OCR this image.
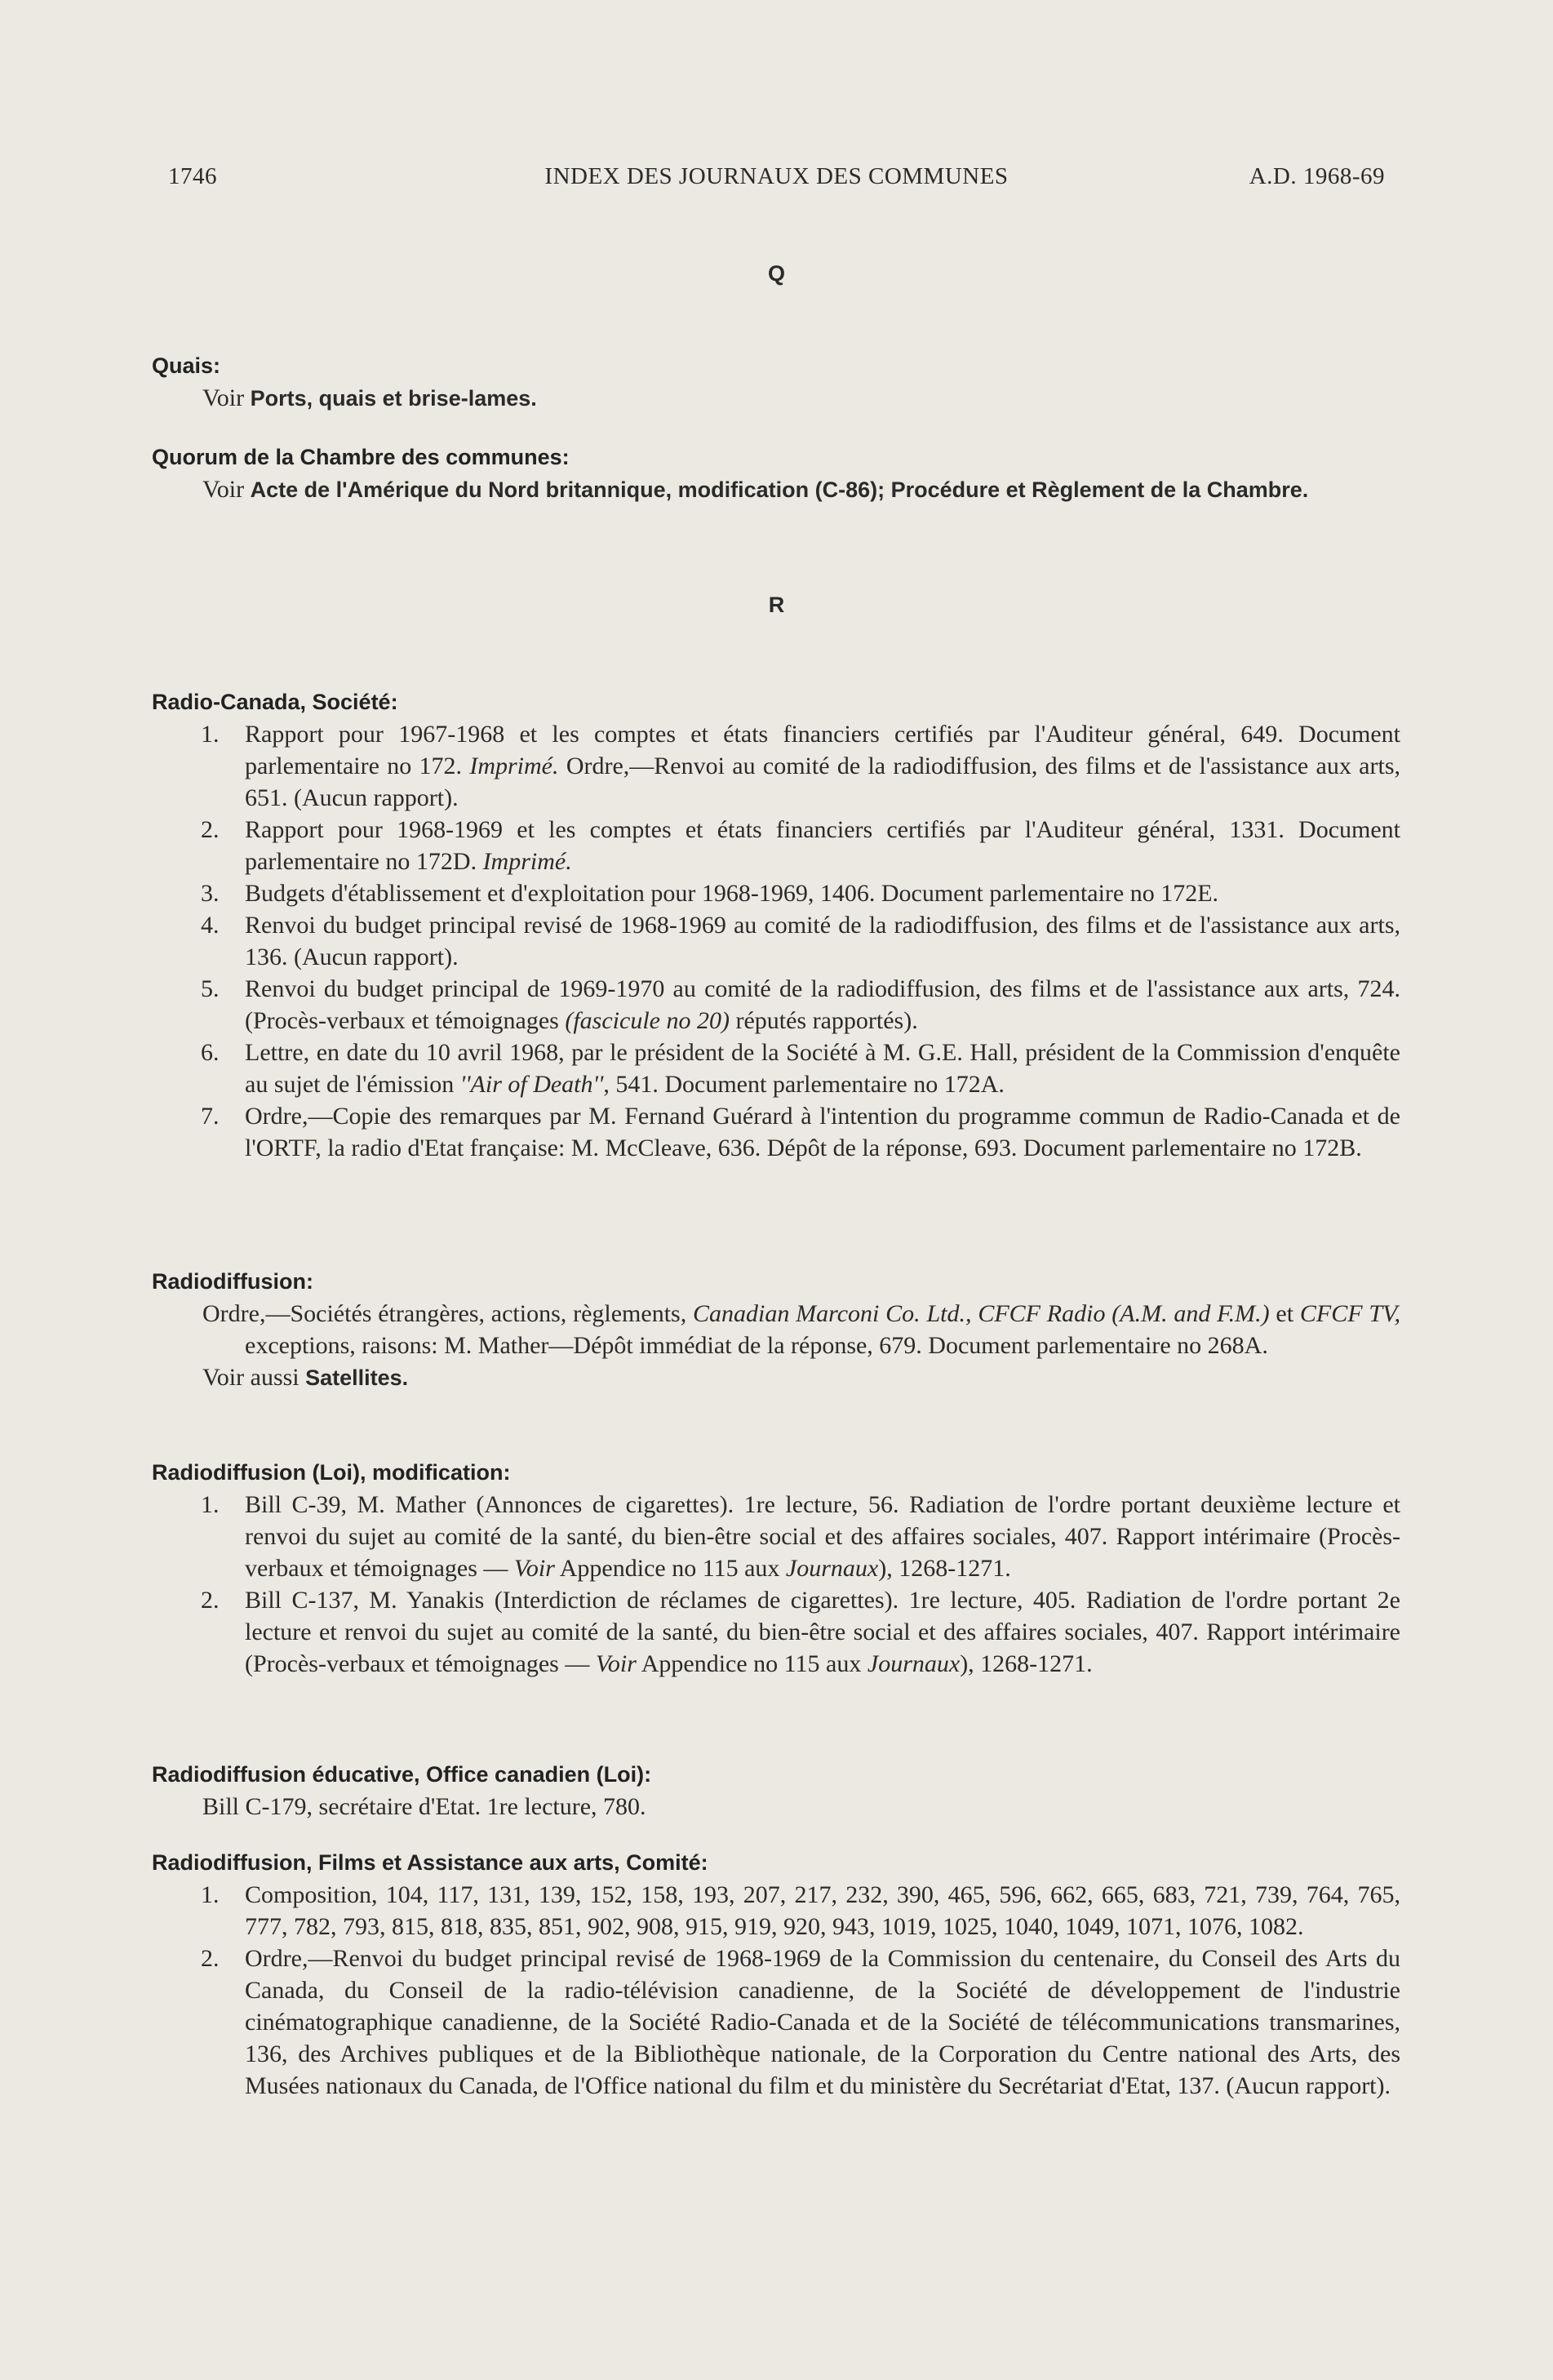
1746	INDEX DES JOURNAUX DES COMMUNES	A.D. 1968-69
Q
Quais:
Voir Ports, quais et brise-lames.
Quorum de la Chambre des communes:
Voir Acte de l'Amérique du Nord britannique, modification (C-86); Procédure et Règlement de la Chambre.
R
Radio-Canada, Société:
1. Rapport pour 1967-1968 et les comptes et états financiers certifiés par l'Auditeur général, 649. Document parlementaire no 172. Imprimé. Ordre,—Renvoi au comité de la radiodiffusion, des films et de l'assistance aux arts, 651. (Aucun rapport).
2. Rapport pour 1968-1969 et les comptes et états financiers certifiés par l'Auditeur général, 1331. Document parlementaire no 172D. Imprimé.
3. Budgets d'établissement et d'exploitation pour 1968-1969, 1406. Document parlementaire no 172E.
4. Renvoi du budget principal revisé de 1968-1969 au comité de la radiodiffusion, des films et de l'assistance aux arts, 136. (Aucun rapport).
5. Renvoi du budget principal de 1969-1970 au comité de la radiodiffusion, des films et de l'assistance aux arts, 724. (Procès-verbaux et témoignages (fascicule no 20) réputés rapportés).
6. Lettre, en date du 10 avril 1968, par le président de la Société à M. G.E. Hall, président de la Commission d'enquête au sujet de l'émission ''Air of Death'', 541. Document parlementaire no 172A.
7. Ordre,—Copie des remarques par M. Fernand Guérard à l'intention du programme commun de Radio-Canada et de l'ORTF, la radio d'Etat française: M. McCleave, 636. Dépôt de la réponse, 693. Document parlementaire no 172B.
Radiodiffusion:
Ordre,—Sociétés étrangères, actions, règlements, Canadian Marconi Co. Ltd., CFCF Radio (A.M. and F.M.) et CFCF TV, exceptions, raisons: M. Mather—Dépôt immédiat de la réponse, 679. Document parlementaire no 268A.
Voir aussi Satellites.
Radiodiffusion (Loi), modification:
1. Bill C-39, M. Mather (Annonces de cigarettes). 1re lecture, 56. Radiation de l'ordre portant deuxième lecture et renvoi du sujet au comité de la santé, du bien-être social et des affaires sociales, 407. Rapport intérimaire (Procès-verbaux et témoignages — Voir Appendice no 115 aux Journaux), 1268-1271.
2. Bill C-137, M. Yanakis (Interdiction de réclames de cigarettes). 1re lecture, 405. Radiation de l'ordre portant 2e lecture et renvoi du sujet au comité de la santé, du bien-être social et des affaires sociales, 407. Rapport intérimaire (Procès-verbaux et témoignages — Voir Appendice no 115 aux Journaux), 1268-1271.
Radiodiffusion éducative, Office canadien (Loi):
Bill C-179, secrétaire d'Etat. 1re lecture, 780.
Radiodiffusion, Films et Assistance aux arts, Comité:
1. Composition, 104, 117, 131, 139, 152, 158, 193, 207, 217, 232, 390, 465, 596, 662, 665, 683, 721, 739, 764, 765, 777, 782, 793, 815, 818, 835, 851, 902, 908, 915, 919, 920, 943, 1019, 1025, 1040, 1049, 1071, 1076, 1082.
2. Ordre,—Renvoi du budget principal revisé de 1968-1969 de la Commission du centenaire, du Conseil des Arts du Canada, du Conseil de la radio-télévision canadienne, de la Société de développement de l'industrie cinématographique canadienne, de la Société Radio-Canada et de la Société de télécommunications transmarines, 136, des Archives publiques et de la Bibliothèque nationale, de la Corporation du Centre national des Arts, des Musées nationaux du Canada, de l'Office national du film et du ministère du Secrétariat d'Etat, 137. (Aucun rapport).
